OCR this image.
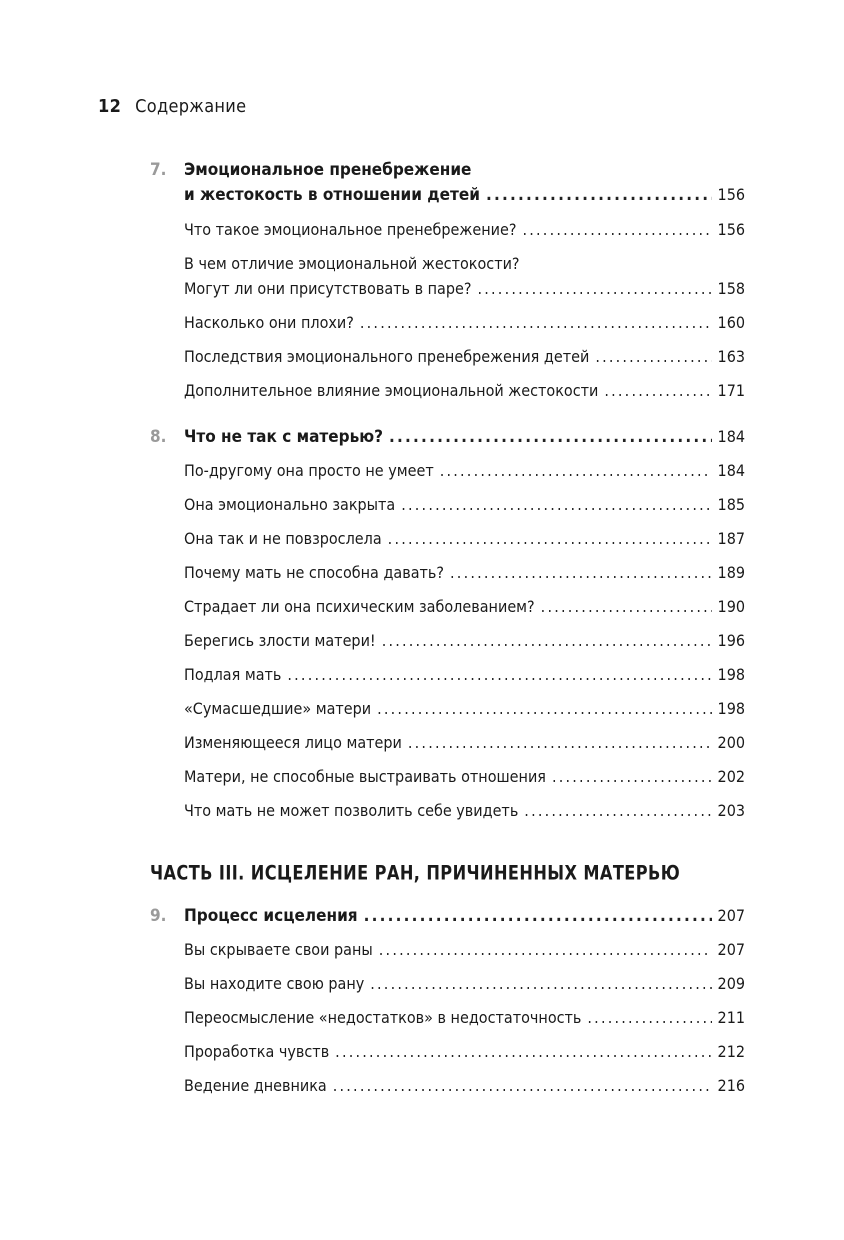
12 Содержание
7. Эмоциональное пренебрежение
и жестокость в отношении детей .....	156
Что такое эмоциональное пренебрежение? .....	156
В чем отличие эмоциональной жестокости?
Могут ли они присутствовать в паре? .....	158
Насколько они плохи? .....	160
Последствия эмоционального пренебрежения детей .....	163
Дополнительное влияние эмоциональной жестокости .....	171
8. Что не так с матерью? .....	184
По-другому она просто не умеет .....	184
Она эмоционально закрыта .....	185
Она так и не повзрослела .....	187
Почему мать не способна давать? .....	189
Страдает ли она психическим заболеванием? .....	190
Берегись злости матери! .....	196
Подлая мать .....	198
«Сумасшедшие» матери .....	198
Изменяющееся лицо матери .....	200
Матери, не способные выстраивать отношения .....	202
Что мать не может позволить себе увидеть .....	203
ЧАСТЬ III. ИСЦЕЛЕНИЕ РАН, ПРИЧИНЕННЫХ МАТЕРЬЮ
9. Процесс исцеления .....	207
Вы скрываете свои раны .....	207
Вы находите свою рану .....	209
Переосмысление «недостатков» в недостаточность .....	211
Проработка чувств .....	212
Ведение дневника .....	216
